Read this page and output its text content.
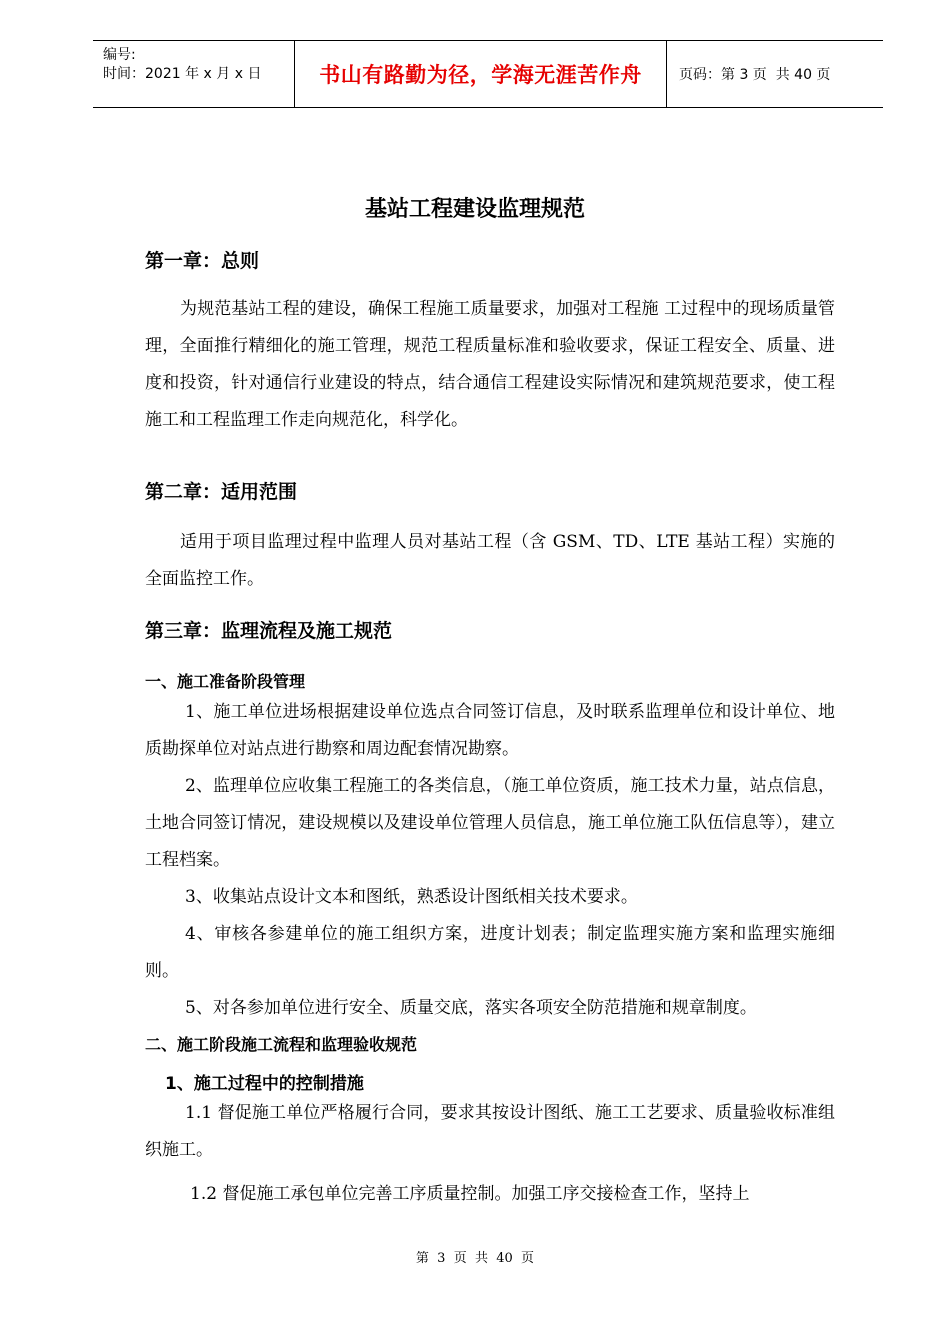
编号:
时间：2021 年 x 月 x 日	书山有路勤为径，学海无涯苦作舟	页码：第 3 页  共 40 页
基站工程建设监理规范
第一章：总则

为规范基站工程的建设，确保工程施工质量要求，加强对工程施 工过程中的现场质量管理，全面推行精细化的施工管理，规范工程质量标准和验收要求，保证工程安全、质量、进度和投资，针对通信行业建设的特点，结合通信工程建设实际情况和建筑规范要求，使工程施工和工程监理工作走向规范化，科学化。

第二章：适用范围

适用于项目监理过程中监理人员对基站工程（含 GSM、TD、LTE 基站工程）实施的全面监控工作。

第三章：监理流程及施工规范
一、施工准备阶段管理

1、施工单位进场根据建设单位选点合同签订信息，及时联系监理单位和设计单位、地质勘探单位对站点进行勘察和周边配套情况勘察。

2、监理单位应收集工程施工的各类信息，（施工单位资质，施工技术力量，站点信息，土地合同签订情况，建设规模以及建设单位管理人员信息，施工单位施工队伍信息等），建立工程档案。

3、收集站点设计文本和图纸，熟悉设计图纸相关技术要求。

4、审核各参建单位的施工组织方案，进度计划表；制定监理实施方案和监理实施细则。

5、对各参加单位进行安全、质量交底，落实各项安全防范措施和规章制度。

二、施工阶段施工流程和监理验收规范
1、施工过程中的控制措施

1.1 督促施工单位严格履行合同，要求其按设计图纸、施工工艺要求、质量验收标准组织施工。

1.2 督促施工承包单位完善工序质量控制。加强工序交接检查工作，坚持上
第  3  页  共  40  页
